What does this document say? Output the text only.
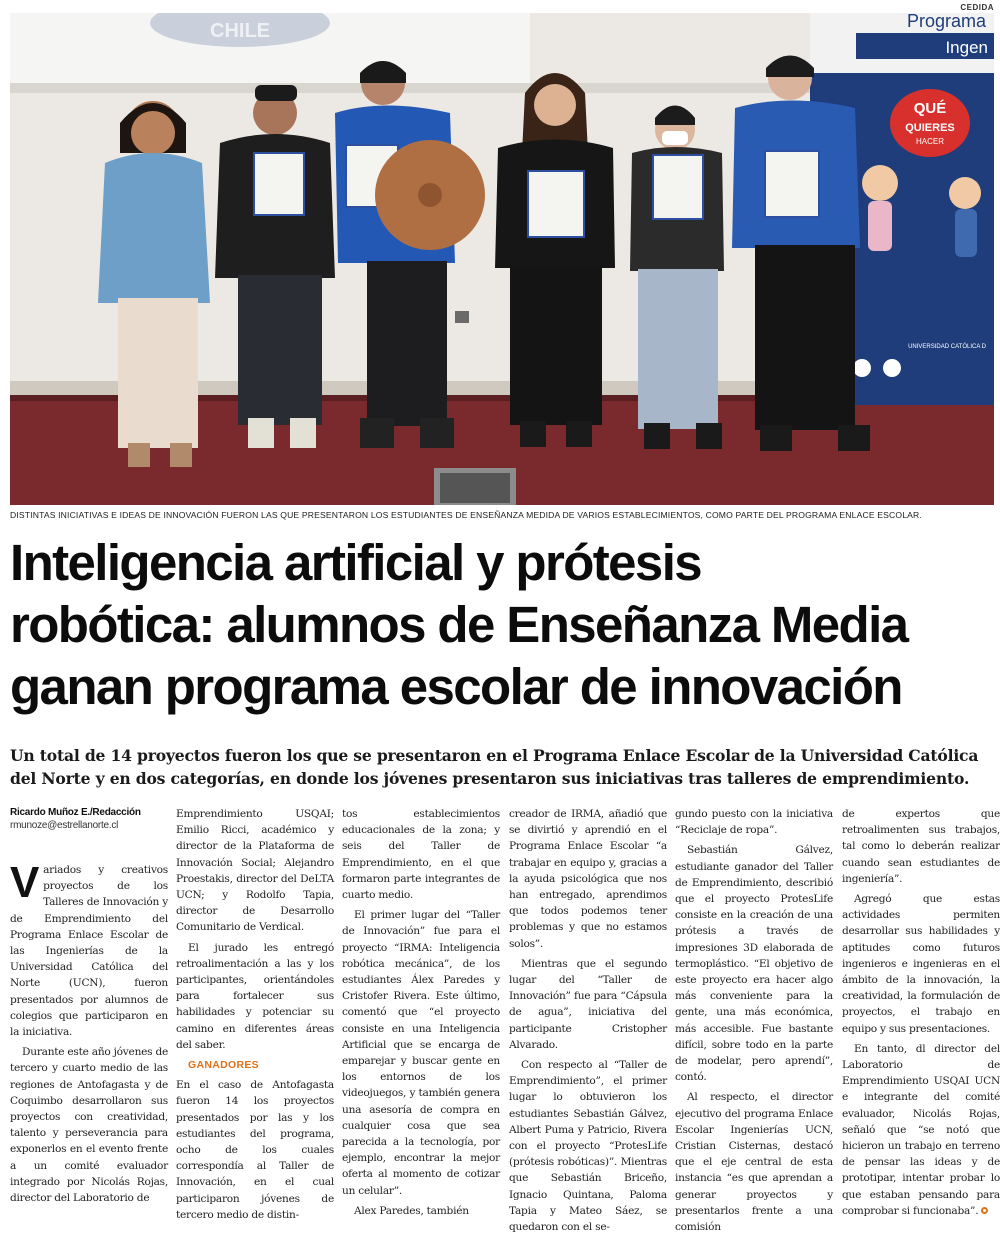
CEDIDA
CHILE	Programa
Ingen
QUÉ
QUIERES
HACER
UNIVERSIDAD CATÓLICA D
DISTINTAS INICIATIVAS E IDEAS DE INNOVACIÓN FUERON LAS QUE PRESENTARON LOS ESTUDIANTES DE ENSEÑANZA MEDIDA DE VARIOS ESTABLECIMIENTOS, COMO PARTE DEL PROGRAMA ENLACE ESCOLAR.
Inteligencia artificial y prótesis
robótica: alumnos de Enseñanza Media
ganan programa escolar de innovación

Un total de 14 proyectos fueron los que se presentaron en el Programa Enlace Escolar de la Universidad Católica del Norte y en dos categorías, en donde los jóvenes presentaron sus iniciativas tras talleres de emprendimiento.

Ricardo Muñoz E./Redacción
rmunoze@estrellanorte.cl

Variados y creativos proyectos de los Talleres de Innovación y de Emprendimiento del Programa Enlace Escolar de las Ingenierías de la Universidad Católica del Norte (UCN), fueron presentados por alumnos de colegios que participaron en la iniciativa.

Durante este año jóvenes de tercero y cuarto medio de las regiones de Antofagasta y de Coquimbo desarrollaron sus proyectos con creatividad, talento y perseverancia para exponerlos en el evento frente a un comité evaluador integrado por Nicolás Rojas, director del Laboratorio de

Emprendimiento USQAI; Emilio Ricci, académico y director de la Plataforma de Innovación Social; Alejandro Proestakis, director del DeLTA UCN; y Rodolfo Tapia, director de Desarrollo Comunitario de Verdical.

El jurado les entregó retroalimentación a las y los participantes, orientándoles para fortalecer sus habilidades y potenciar su camino en diferentes áreas del saber.

GANADORES

En el caso de Antofagasta fueron 14 los proyectos presentados por las y los estudiantes del programa, ocho de los cuales correspondía al Taller de Innovación, en el cual participaron jóvenes de tercero medio de distin-

tos establecimientos educacionales de la zona; y seis del Taller de Emprendimiento, en el que formaron parte integrantes de cuarto medio.

El primer lugar del “Taller de Innovación” fue para el proyecto “IRMA: Inteligencia robótica mecánica”, de los estudiantes Álex Paredes y Cristofer Rivera. Este último, comentó que “el proyecto consiste en una Inteligencia Artificial que se encarga de emparejar y buscar gente en los entornos de los videojuegos, y también genera una asesoría de compra en cualquier cosa que sea parecida a la tecnología, por ejemplo, encontrar la mejor oferta al momento de cotizar un celular”.

Alex Paredes, también

creador de IRMA, añadió que se divirtió y aprendió en el Programa Enlace Escolar “a trabajar en equipo y, gracias a la ayuda psicológica que nos han entregado, aprendimos que todos podemos tener problemas y que no estamos solos”.

Mientras que el segundo lugar del “Taller de Innovación” fue para “Cápsula de agua”, iniciativa del participante Cristopher Alvarado.

Con respecto al “Taller de Emprendimiento”, el primer lugar lo obtuvieron los estudiantes Sebastián Gálvez, Albert Puma y Patricio, Rivera con el proyecto “ProtesLife (prótesis robóticas)”. Mientras que Sebastián Briceño, Ignacio Quintana, Paloma Tapia y Mateo Sáez, se quedaron con el se-

gundo puesto con la iniciativa “Reciclaje de ropa”.

Sebastián Gálvez, estudiante ganador del Taller de Emprendimiento, describió que el proyecto ProtesLife consiste en la creación de una prótesis a través de impresiones 3D elaborada de termoplástico. “El objetivo de este proyecto era hacer algo más conveniente para la gente, una más económica, más accesible. Fue bastante difícil, sobre todo en la parte de modelar, pero aprendí”, contó.

Al respecto, el director ejecutivo del programa Enlace Escolar Ingenierías UCN, Cristian Cisternas, destacó que el eje central de esta instancia “es que aprendan a generar proyectos y presentarlos frente a una comisión

de expertos que retroalimenten sus trabajos, tal como lo deberán realizar cuando sean estudiantes de ingeniería”.

Agregó que estas actividades permiten desarrollar sus habilidades y aptitudes como futuros ingenieros e ingenieras en el ámbito de la innovación, la creatividad, la formulación de proyectos, el trabajo en equipo y sus presentaciones.

En tanto, dl director del Laboratorio de Emprendimiento USQAI UCN e integrante del comité evaluador, Nicolás Rojas, señaló que “se notó que hicieron un trabajo en terreno de pensar las ideas y de prototipar, intentar probar lo que estaban pensando para comprobar si funcionaba”.
